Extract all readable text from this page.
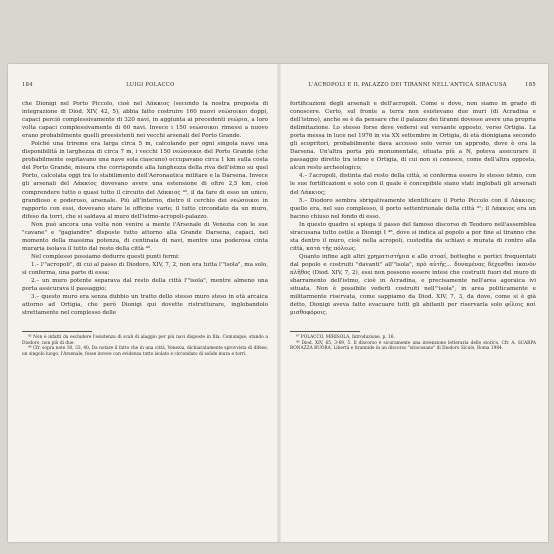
184	LUIGI POLACCO

che Dionigi nel Porto Piccolo, cioè nel Λάκκιος (secondo la nostra proposta di integrazione di Diod. XIV, 42, 5), abbia fatto costruire 160 nuovi νεώσοικοι doppi, capaci perciò complessivamente di 320 navi, in aggiunta ai precedenti νεώρια, a loro volta capaci complessivamente di 60 navi. Invece i 150 νεώσοικοι rimessi a nuovo erano probabilmente quelli preesistenti nei vecchi arsenali del Porto Grande.

Poiché una trireme era larga circa 5 m, calcolando per ogni singola nave una disponibilità in larghezza di circa 7 m, i vecchi 150 νεώσοικοι del Porto Grande (che probabilmente ospitavano una nave sola ciascuno) occupavano circa 1 km sulla costa del Porto Grande, misura che corrisponde alla lunghezza della riva dell'istmo su quel Porto, calcolata oggi tra lo stabilimento dell'Aeronautica militare e la Darsena. Invece gli arsenali del Λάκκιος dovevano avere una estensione di oltre 2,5 km, cioè comprendere tutto o quasi tutto il circuito del Λάκκιος ⁴⁵, il da fare di esso un unico, grandioso e poderoso, arsenale. Più all'interno, dietro il cerchio dei νεώσοικοι in rapporto con essi, dovevano stare le officine varie; il tutto circondato da un muro, difeso da torri, che si saldava al muro dell'istmo-acropoli-palazzo.

Non può ancora una volta non venire a mente l'Arsenale di Venezia con le sue "cavane" e "gagiandre" disposte tutto attorno alla Grande Darsena, capaci, nel momento della massima potenza, di centinaia di navi, mentre una poderosa cinta muraria isolava il tutto dal resto della città ⁴⁶.

Nel complesso possiamo dedurre questi punti fermi:

1.– l'"acropoli", di cui al passo di Diodoro, XIV, 7, 2, non era tutta l'"isola", ma solo, si conferma, una parte di essa;

2.– un muro potente separava dal resto della città l'"isola", mentre almeno una porta assicurava il passaggio;

3.– questo muro era senza dubbio un tratto dello stesso muro steso in età arcaica attorno ad Ortigia, che però Dionigi qui dovette ristrutturare, inglobandolo strettamente nel complesso delle

⁴⁵ Non è infatti da escludere l'esistenza di scali di alaggio per più navi disposte in fila. Comunque, stando a Diodoro, non più di due.

⁴⁶ Cfr. sopra note 30, 33, 40. Da notare il fatto che in una città, Venezia, dichiaratamente sprovvista di difese, un singolo luogo, l'Arsenale, fosse invece con evidenza tutto isolato e circondato di solide mura e torri.

L'ACROPOLI E IL PALAZZO DEI TIRANNI NELL'ANTICA SIRACUSA	185

fortificazioni degli arsenali e dell'acropoli. Come e dove, non siamo in grado di conoscere. Certo, sul fronte a terra non esistevano due muri (di Acradina e dell'istmo), anche se è da pensare che il palazzo dei tiranni dovesse avere una propria delimitazione. Lo stesso forse deve vedersi sul versante opposto, verso Ortigia. La porta messa in luce nel 1976 in via XX settembre in Ortigia, di età dionigiana secondo gli scopritori, probabilmente dava accesso solo verso un approdo, dove è ora la Darsena. Un'altra porta più monumentale, situata più a N, poteva assicurare il passaggio diretto tra istmo e Ortigia, di cui non si conosce, come dell'altra opposta, alcun resto archeologico;

4.– l'acropoli, distinta dal resto della città, si conferma essere lo stesso istmo, con le sue fortificazioni e solo con il quale è concepibile siano stati inglobati gli arsenali del Λάκκιος;

5.– Diodoro sembra sbrigativamente identificare il Porto Piccolo con il Λάκκιος; quello era, nel suo complesso, il porto settentrionale della città ⁴⁷; il Λάκκιος era un bacino chiuso nel fondo di esso.

In questo quadro si spiega il passo del famoso discorso di Teodoro nell'assemblea siracusana tutto ostile a Dionigi I ⁴⁸, dove si indica al popolo a por fine al tiranno che sta dentro il muro, cioè nella acropoli, custodita da schiavi e murata di contro alla città, κατὰ τῆς πόλεως.

Quanto infine agli altri χρηματιστήρια e alle στοαί, botteghe e portici frequentati dal popolo e costruiti "davanti" all'"isola", πρὸ αὐτῆς... δυναμένας δέχεσθαι ἱκανὸν πλῆθος (Diod. XIV, 7, 2), essi non possono essere intesi che costruiti fuori del muro di sbarramento dell'istmo, cioè in Acradina, e precisamente nell'area agoraica ivi situata. Non è possibile vederli costruiti nell'"isola", in area politicamente e militarmente riservata, come sappiamo da Diod. XIV, 7, 3, da dove, come si è già detto, Dionigi aveva fatto evacuare tutti gli abitanti per riservarla solo φίλοις καὶ μισθοφόροις.

⁴⁷ POLACCO, MIRISOLA, Introduzione, p. 16.

⁴⁸ Diod. XIV, 65, 3-69, 5. Il discorso è sicuramente una invenzione letteraria dello storico. Cfr. A. SCARPA BONAZZA BUORA, Libertà e tirannide in un discorso "siracusano" di Diodoro Siculo, Roma 1984.
